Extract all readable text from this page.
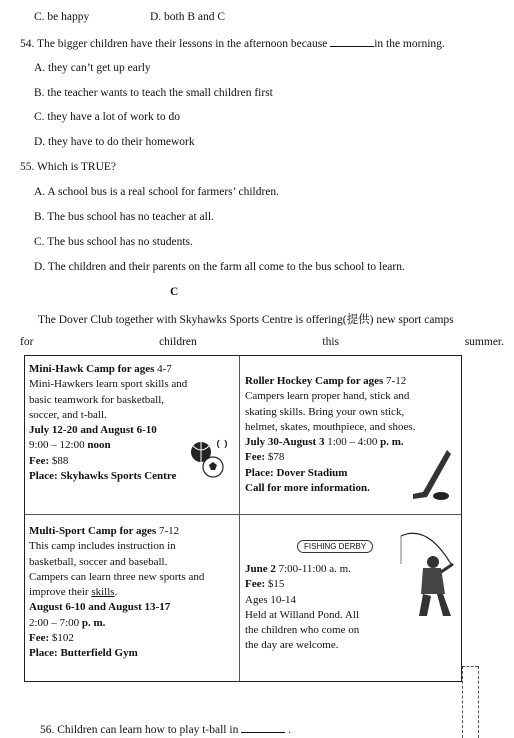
C. be happy	D. both B and C
54. The bigger children have their lessons in the afternoon because	in the morning.
A. they can’t get up early
B. the teacher wants to teach the small children first
C. they have a lot of work to do
D. they have to do their homework
55. Which is TRUE?
A. A school bus is a real school for farmers’ children.
B. The bus school has no teacher at all.
C. The bus school has no students.
D. The children and their parents on the farm all come to the bus school to learn.
C
The Dover Club together with Skyhawks Sports Centre is offering(提供) new sport camps
for	children	this	summer.
Mini-Hawk Camp for ages 4-7
Mini-Hawkers learn sport skills and
basic teamwork for basketball,
soccer, and t-ball.
July 12-20 and August 6-10
9:00 – 12:00 noon
Fee: $88
Place: Skyhawks Sports Centre
Roller Hockey Camp for ages 7-12
Campers learn proper hand, stick and
skating skills. Bring your own stick,
helmet, skates, mouthpiece, and shoes.
July 30-August 3 1:00 – 4:00 p. m.
Fee: $78
Place: Dover Stadium
Call for more information.
Multi-Sport Camp for ages 7-12
This camp includes instruction in
basketball, soccer and baseball.
Campers can learn three new sports and
improve their skills.
August 6-10 and August 13-17
2:00 – 7:00 p. m.
Fee: $102
Place: Butterfield Gym
FISHING DERBY
June 2 7:00-11:00 a. m.
Fee: $15
Ages 10-14
Held at Willand Pond. All
the children who come on
the day are welcome.
56. Children can learn how to play t-ball in	.
